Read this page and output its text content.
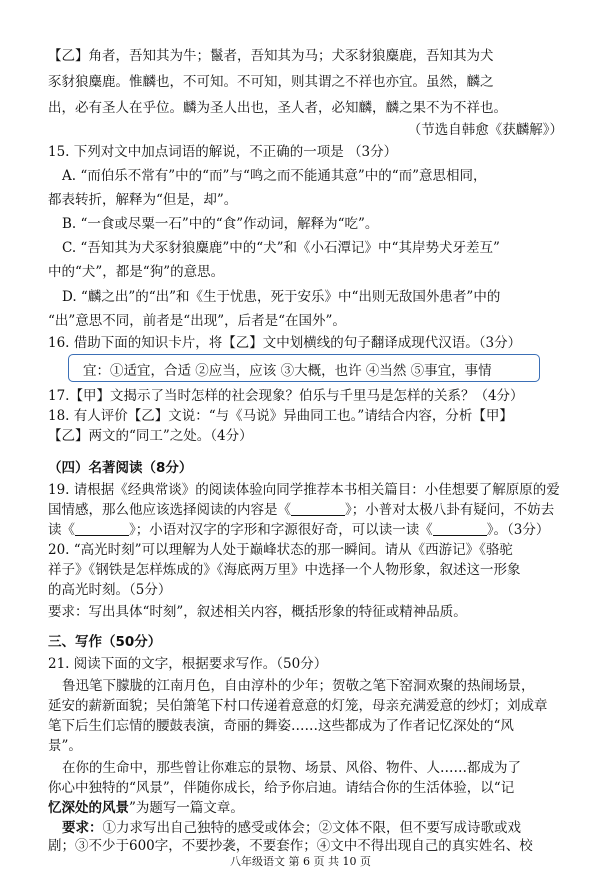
【乙】角者，吾知其为牛；鬣者，吾知其为马；犬豕豺狼麋鹿，吾知其为犬
豕豺狼麋鹿。惟麟也，不可知。不可知，则其谓之不祥也亦宜。虽然，麟之
出，必有圣人在乎位。麟为圣人出也，圣人者，必知麟，麟之果不为不祥也。
（节选自韩愈《获麟解》）
15. 下列对文中加点词语的解说，不正确的一项是 （3分）
A. “而伯乐不常有”中的“而”与“鸣之而不能通其意”中的“而”意思相同，
都表转折，解释为“但是，却”。
B. “一食或尽粟一石”中的“食”作动词，解释为“吃”。
C. “吾知其为犬豕豺狼麋鹿”中的“犬”和《小石潭记》中“其岸势犬牙差互”
中的“犬”，都是“狗”的意思。
D. “麟之出”的“出”和《生于忧患，死于安乐》中“出则无敌国外患者”中的
“出”意思不同，前者是“出现”，后者是“在国外”。
16. 借助下面的知识卡片，将【乙】文中划横线的句子翻译成现代汉语。（3分）
宜：①适宜，合适 ②应当，应该 ③大概，也许 ④当然 ⑤事宜，事情
17.【甲】文揭示了当时怎样的社会现象？伯乐与千里马是怎样的关系？（4分）
18. 有人评价【乙】文说：“与《马说》异曲同工也。”请结合内容，分析【甲】
【乙】两文的“同工”之处。（4分）
（四）名著阅读（8分）
19. 请根据《经典常谈》的阅读体验向同学推荐本书相关篇目：小佳想要了解原原的爱
国情感，那么他应该选择阅读的内容是《	》；小普对太极八卦有疑问，不妨去
读《	》；小语对汉字的字形和字源很好奇，可以读一读《	》。（3分）
20. “高光时刻”可以理解为人处于巅峰状态的那一瞬间。请从《西游记》《骆驼
祥子》《钢铁是怎样炼成的》《海底两万里》中选择一个人物形象，叙述这一形象
的高光时刻。（5分）
要求：写出具体“时刻”，叙述相关内容，概括形象的特征或精神品质。
三、写作（50分）
21. 阅读下面的文字，根据要求写作。（50分）
鲁迅笔下朦胧的江南月色，自由淳朴的少年；贺敬之笔下窑洞欢聚的热闹场景，
延安的薪新面貌；吴伯箫笔下村口传递着意意的灯笼，母亲充满爱意的纱灯；刘成章
笔下后生们忘情的腰鼓表演，奇丽的舞姿……这些都成为了作者记忆深处的“风
景”。
在你的生命中，那些曾让你难忘的景物、场景、风俗、物件、人……都成为了
你心中独特的“风景”，伴随你成长，给予你启迪。请结合你的生活体验，以“记
忆深处的风景”为题写一篇文章。
要求：①力求写出自己独特的感受或体会；②文体不限，但不要写成诗歌或戏
剧；③不少于600字，不要抄袭，不要套作；④文中不得出现自己的真实姓名、校
八年级语文 第 6 页 共 10 页
